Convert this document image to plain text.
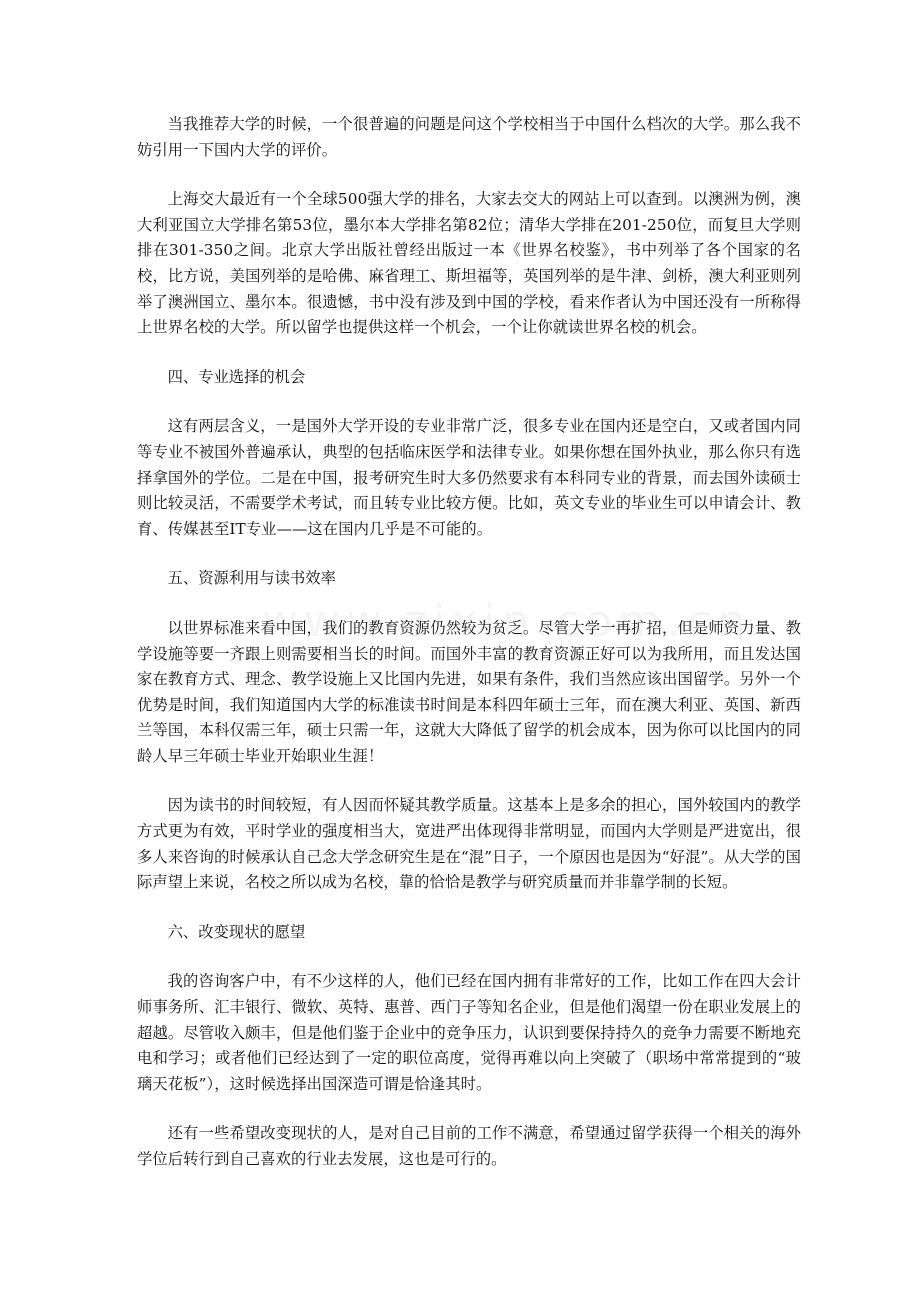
当我推荐大学的时候，一个很普遍的问题是问这个学校相当于中国什么档次的大学。那么我不妨引用一下国内大学的评价。

上海交大最近有一个全球500强大学的排名，大家去交大的网站上可以查到。以澳洲为例，澳大利亚国立大学排名第53位，墨尔本大学排名第82位；清华大学排在201-250位，而复旦大学则排在301-350之间。北京大学出版社曾经出版过一本《世界名校鉴》，书中列举了各个国家的名校，比方说，美国列举的是哈佛、麻省理工、斯坦福等，英国列举的是牛津、剑桥，澳大利亚则列举了澳洲国立、墨尔本。很遗憾，书中没有涉及到中国的学校，看来作者认为中国还没有一所称得上世界名校的大学。所以留学也提供这样一个机会，一个让你就读世界名校的机会。

四、专业选择的机会

这有两层含义，一是国外大学开设的专业非常广泛，很多专业在国内还是空白，又或者国内同等专业不被国外普遍承认，典型的包括临床医学和法律专业。如果你想在国外执业，那么你只有选择拿国外的学位。二是在中国，报考研究生时大多仍然要求有本科同专业的背景，而去国外读硕士则比较灵活，不需要学术考试，而且转专业比较方便。比如，英文专业的毕业生可以申请会计、教育、传媒甚至IT专业——这在国内几乎是不可能的。

五、资源利用与读书效率

以世界标准来看中国，我们的教育资源仍然较为贫乏。尽管大学一再扩招，但是师资力量、教学设施等要一齐跟上则需要相当长的时间。而国外丰富的教育资源正好可以为我所用，而且发达国家在教育方式、理念、教学设施上又比国内先进，如果有条件，我们当然应该出国留学。另外一个优势是时间，我们知道国内大学的标准读书时间是本科四年硕士三年，而在澳大利亚、英国、新西兰等国，本科仅需三年，硕士只需一年，这就大大降低了留学的机会成本，因为你可以比国内的同龄人早三年硕士毕业开始职业生涯！

因为读书的时间较短，有人因而怀疑其教学质量。这基本上是多余的担心，国外较国内的教学方式更为有效，平时学业的强度相当大，宽进严出体现得非常明显，而国内大学则是严进宽出，很多人来咨询的时候承认自己念大学念研究生是在“混”日子，一个原因也是因为“好混”。从大学的国际声望上来说，名校之所以成为名校，靠的恰恰是教学与研究质量而并非靠学制的长短。

六、改变现状的愿望

我的咨询客户中，有不少这样的人，他们已经在国内拥有非常好的工作，比如工作在四大会计师事务所、汇丰银行、微软、英特、惠普、西门子等知名企业，但是他们渴望一份在职业发展上的超越。尽管收入颇丰，但是他们鉴于企业中的竞争压力，认识到要保持持久的竞争力需要不断地充电和学习；或者他们已经达到了一定的职位高度，觉得再难以向上突破了（职场中常常提到的“玻璃天花板”），这时候选择出国深造可谓是恰逢其时。

还有一些希望改变现状的人，是对自己目前的工作不满意，希望通过留学获得一个相关的海外学位后转行到自己喜欢的行业去发展，这也是可行的。
